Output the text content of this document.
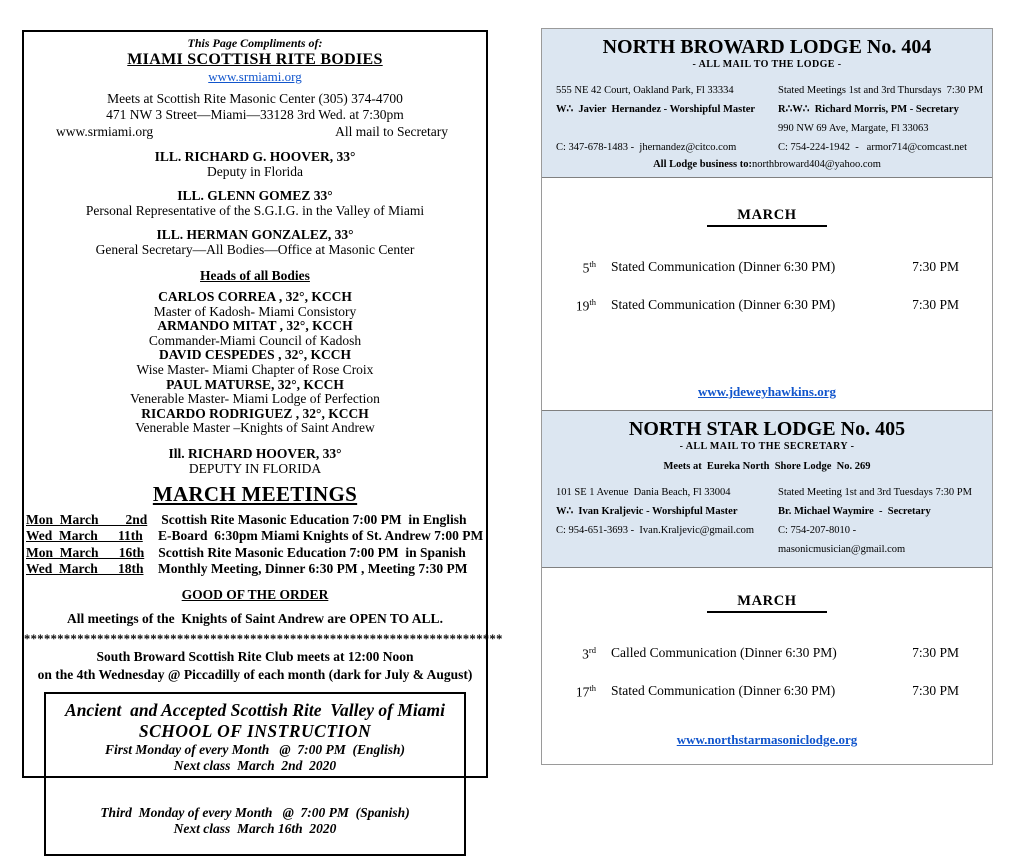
This Page Compliments of:
MIAMI SCOTTISH RITE BODIES
www.srmiami.org
Meets at Scottish Rite Masonic Center (305) 374-4700
471 NW 3 Street—Miami—33128 3rd Wed. at 7:30pm
www.srmiami.org	All mail to Secretary
ILL. RICHARD G. HOOVER, 33°
Deputy in Florida
ILL. GLENN GOMEZ 33°
Personal Representative of the S.G.I.G. in the Valley of Miami
ILL. HERMAN GONZALEZ, 33°
General Secretary—All Bodies—Office at Masonic Center
Heads of all Bodies
CARLOS CORREA , 32°, KCCH
Master of Kadosh- Miami Consistory
ARMANDO MITAT , 32°, KCCH
Commander-Miami Council of Kadosh
DAVID CESPEDES , 32°, KCCH
Wise Master- Miami Chapter of Rose Croix
PAUL MATURSE, 32°, KCCH
Venerable Master- Miami Lodge of Perfection
RICARDO RODRIGUEZ , 32°, KCCH
Venerable Master –Knights of Saint Andrew
Ill. RICHARD HOOVER, 33°
DEPUTY IN FLORIDA
MARCH MEETINGS
Mon  March        2nd Scottish Rite Masonic Education 7:00 PM  in English
Wed  March      11th E-Board  6:30pm Miami Knights of St. Andrew 7:00 PM
Mon  March      16th Scottish Rite Masonic Education 7:00 PM  in Spanish
Wed  March      18th Monthly Meeting, Dinner 6:30 PM , Meeting 7:30 PM
GOOD OF THE ORDER
All meetings of the  Knights of Saint Andrew are OPEN TO ALL.
************************************************************************
South Broward Scottish Rite Club meets at 12:00 Noon
on the 4th Wednesday @ Piccadilly of each month (dark for July & August)
Ancient  and Accepted Scottish Rite  Valley of Miami
SCHOOL OF INSTRUCTION
First Monday of every Month   @  7:00 PM  (English)
Next class  March  2nd  2020
Third  Monday of every Month   @  7:00 PM  (Spanish)
Next class  March 16th  2020
NORTH BROWARD LODGE No. 404
- ALL MAIL TO THE LODGE -
555 NE 42 Court, Oakland Park, Fl 33334	Stated Meetings 1st and 3rd Thursdays  7:30 PM
W∴  Javier  Hernandez - Worshipful Master	R∴W∴  Richard Morris, PM - Secretary
990 NW 69 Ave, Margate, Fl 33063
C: 347-678-1483 -  jhernandez@citco.com	C: 754-224-1942  -   armor714@comcast.net
All Lodge business to:northbroward404@yahoo.com
MARCH
5th Stated Communication (Dinner 6:30 PM)	7:30 PM
19th Stated Communication (Dinner 6:30 PM)	7:30 PM
www.jdeweyhawkins.org
NORTH STAR LODGE No. 405
- ALL MAIL TO THE SECRETARY -
Meets at  Eureka North  Shore Lodge  No. 269
101 SE 1 Avenue  Dania Beach, Fl 33004	Stated Meeting 1st and 3rd Tuesdays 7:30 PM
W∴  Ivan Kraljevic - Worshipful Master	Br. Michael Waymire  -  Secretary
C: 954-651-3693 -  Ivan.Kraljevic@gmail.com	C: 754-207-8010 -   masonicmusician@gmail.com
MARCH
3rd Called Communication (Dinner 6:30 PM)	7:30 PM
17th Stated Communication (Dinner 6:30 PM)	7:30 PM
www.northstarmasoniclodge.org
